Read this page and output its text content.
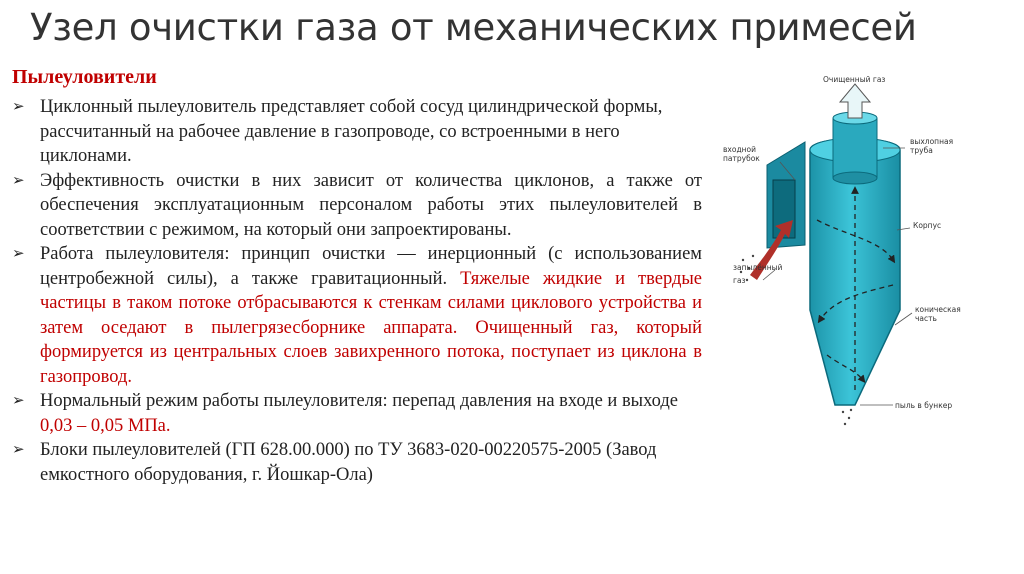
Узел очистки газа от механических примесей
Пылеуловители
➢ Циклонный пылеуловитель представляет собой сосуд цилиндрической формы, рассчитанный на рабочее давление в газопроводе, со встроенными в него циклонами.
➢ Эффективность очистки в них зависит от количества циклонов, а также от обеспечения эксплуатационным персоналом работы этих пылеуловителей в соответствии с режимом, на который они запроектированы.
➢ Работа пылеуловителя: принцип очистки — инерционный (с использованием центробежной силы), а также гравитационный. Тяжелые жидкие и твердые частицы в таком потоке отбрасываются к стенкам силами циклового устройства и затем оседают в пылегрязесборнике аппарата. Очищенный газ, который формируется из центральных слоев завихренного потока, поступает из циклона в газопровод.
➢ Нормальный режим работы пылеуловителя: перепад давления на входе и выходе 0,03 – 0,05 МПа.
➢ Блоки пылеуловителей (ГП 628.00.000) по ТУ 3683-020-00220575-2005 (Завод емкостного оборудования, г. Йошкар-Ола)
Очищенный газ
входной
патрубок
выхлопная
труба
Корпус
запылённый
газ
коническая
часть
пыль в бункер
